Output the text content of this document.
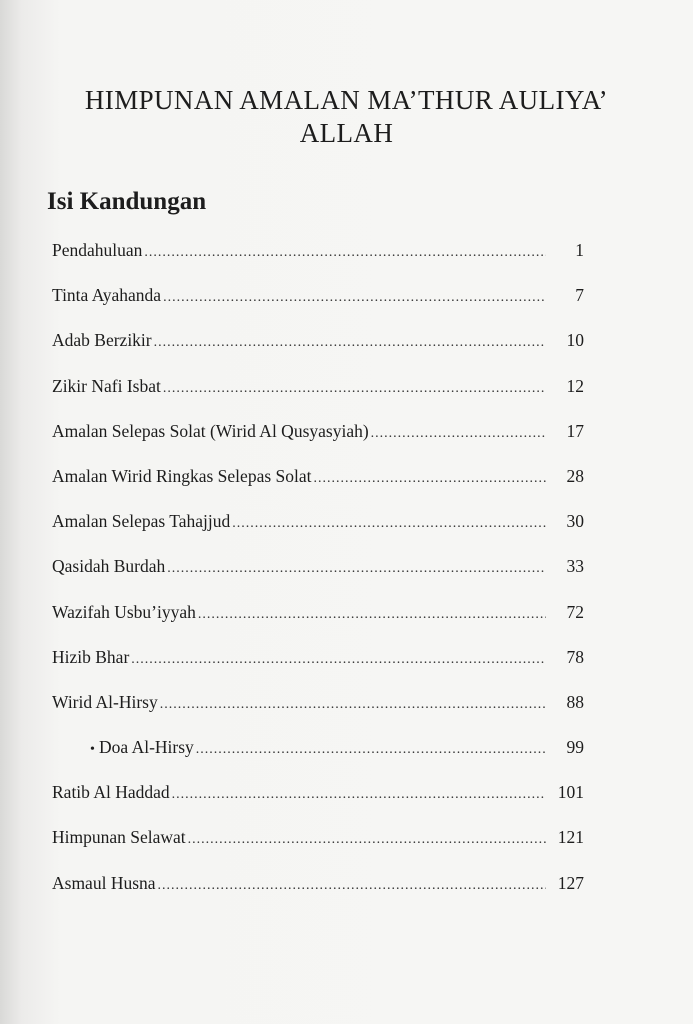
HIMPUNAN AMALAN MA’THUR AULIYA’
ALLAH
Isi Kandungan
Pendahuluan .....	1
Tinta Ayahanda .....	7
Adab Berzikir .....	10
Zikir Nafi Isbat .....	12
Amalan Selepas Solat (Wirid Al Qusyasyiah) .....	17
Amalan Wirid Ringkas Selepas Solat .....	28
Amalan Selepas Tahajjud .....	30
Qasidah Burdah .....	33
Wazifah Usbu’iyyah .....	72
Hizib Bhar .....	78
Wirid Al-Hirsy .....	88
• Doa Al-Hirsy .....	99
Ratib Al Haddad .....	101
Himpunan Selawat .....	121
Asmaul Husna .....	127
